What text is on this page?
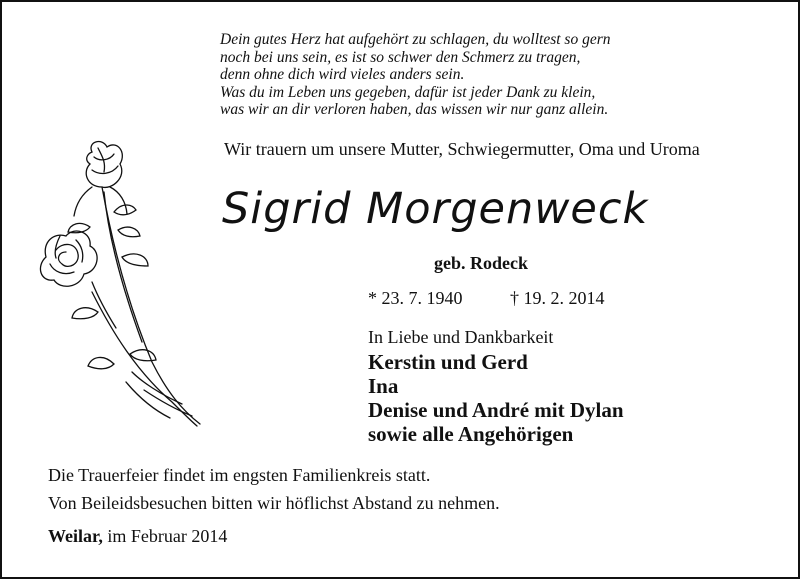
Dein gutes Herz hat aufgehört zu schlagen, du wolltest so gern
noch bei uns sein, es ist so schwer den Schmerz zu tragen,
denn ohne dich wird vieles anders sein.
Was du im Leben uns gegeben, dafür ist jeder Dank zu klein,
was wir an dir verloren haben, das wissen wir nur ganz allein.
Wir trauern um unsere Mutter, Schwiegermutter, Oma und Uroma
Sigrid Morgenweck
geb. Rodeck
* 23. 7. 1940	† 19. 2. 2014
In Liebe und Dankbarkeit
Kerstin und Gerd
Ina
Denise und André mit Dylan
sowie alle Angehörigen
Die Trauerfeier findet im engsten Familienkreis statt.
Von Beileidsbesuchen bitten wir höflichst Abstand zu nehmen.
Weilar, im Februar 2014
